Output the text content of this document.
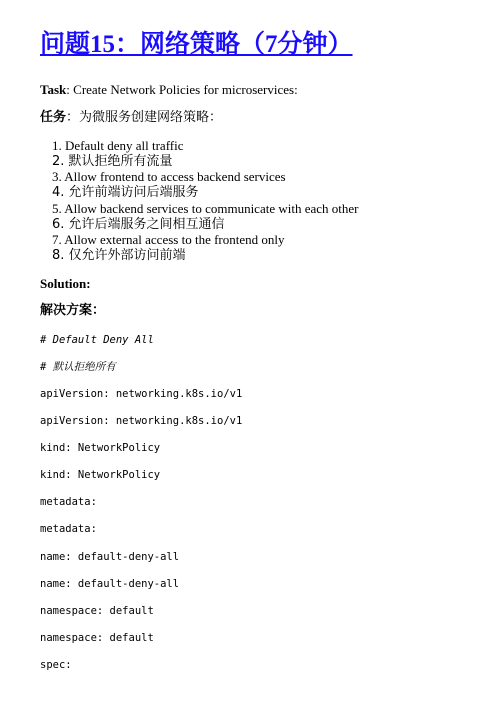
问题15：网络策略（7分钟）
Task: Create Network Policies for microservices:
任务：为微服务创建网络策略：
1. Default deny all traffic
2. 默认拒绝所有流量
3. Allow frontend to access backend services
4. 允许前端访问后端服务
5. Allow backend services to communicate with each other
6. 允许后端服务之间相互通信
7. Allow external access to the frontend only
8. 仅允许外部访问前端
Solution:
解决方案：
# Default Deny All
# 默认拒绝所有
apiVersion: networking.k8s.io/v1
apiVersion: networking.k8s.io/v1
kind: NetworkPolicy
kind: NetworkPolicy
metadata:
metadata:
name: default-deny-all
name: default-deny-all
namespace: default
namespace: default
spec:
